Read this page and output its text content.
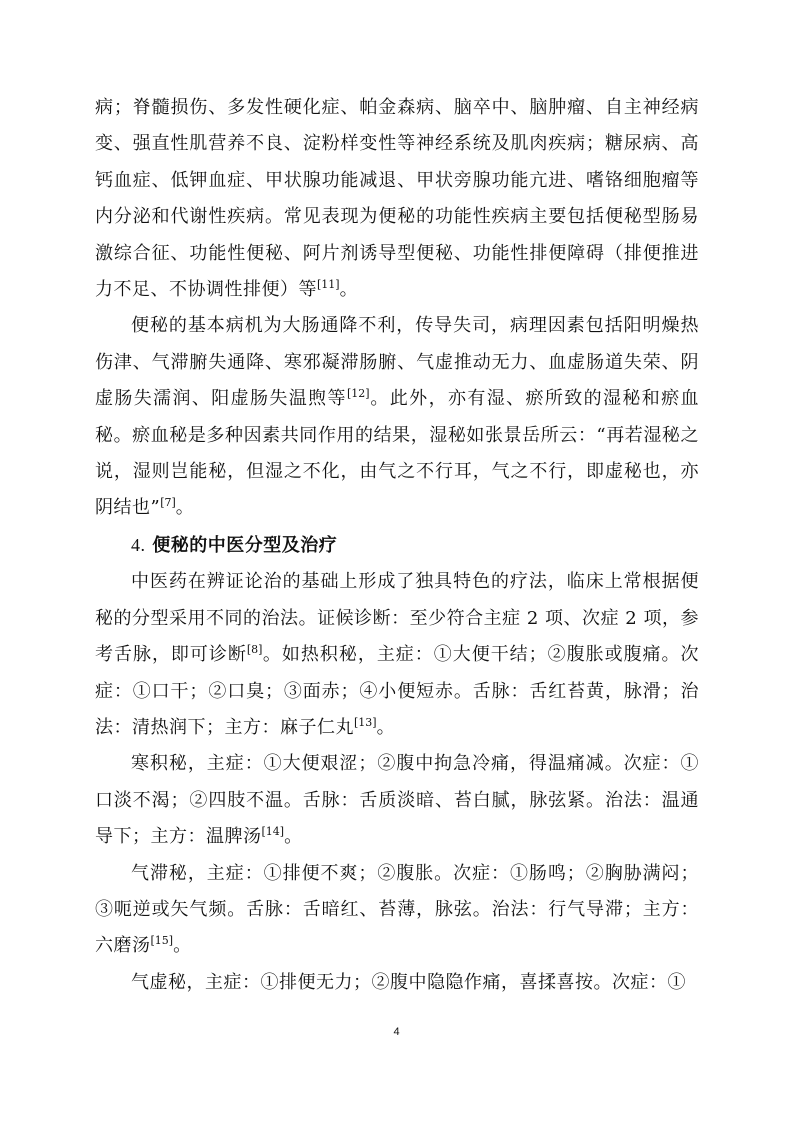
病；脊髓损伤、多发性硬化症、帕金森病、脑卒中、脑肿瘤、自主神经病变、强直性肌营养不良、淀粉样变性等神经系统及肌肉疾病；糖尿病、高钙血症、低钾血症、甲状腺功能减退、甲状旁腺功能亢进、嗜铬细胞瘤等内分泌和代谢性疾病。常见表现为便秘的功能性疾病主要包括便秘型肠易激综合征、功能性便秘、阿片剂诱导型便秘、功能性排便障碍（排便推进力不足、不协调性排便）等[11]。

便秘的基本病机为大肠通降不利，传导失司，病理因素包括阳明燥热伤津、气滞腑失通降、寒邪凝滞肠腑、气虚推动无力、血虚肠道失荣、阴虚肠失濡润、阳虚肠失温煦等[12]。此外，亦有湿、瘀所致的湿秘和瘀血秘。瘀血秘是多种因素共同作用的结果，湿秘如张景岳所云：“再若湿秘之说，湿则岂能秘，但湿之不化，由气之不行耳，气之不行，即虚秘也，亦阴结也”[7]。

4. 便秘的中医分型及治疗

中医药在辨证论治的基础上形成了独具特色的疗法，临床上常根据便秘的分型采用不同的治法。证候诊断：至少符合主症 2 项、次症 2 项，参考舌脉，即可诊断[8]。如热积秘，主症：①大便干结；②腹胀或腹痛。次症：①口干；②口臭；③面赤；④小便短赤。舌脉：舌红苔黄，脉滑；治法：清热润下；主方：麻子仁丸[13]。

寒积秘，主症：①大便艰涩；②腹中拘急冷痛，得温痛减。次症：①口淡不渴；②四肢不温。舌脉：舌质淡暗、苔白腻，脉弦紧。治法：温通导下；主方：温脾汤[14]。

气滞秘，主症：①排便不爽；②腹胀。次症：①肠鸣；②胸胁满闷；③呃逆或矢气频。舌脉：舌暗红、苔薄，脉弦。治法：行气导滞；主方：六磨汤[15]。

气虚秘，主症：①排便无力；②腹中隐隐作痛，喜揉喜按。次症：①

4
